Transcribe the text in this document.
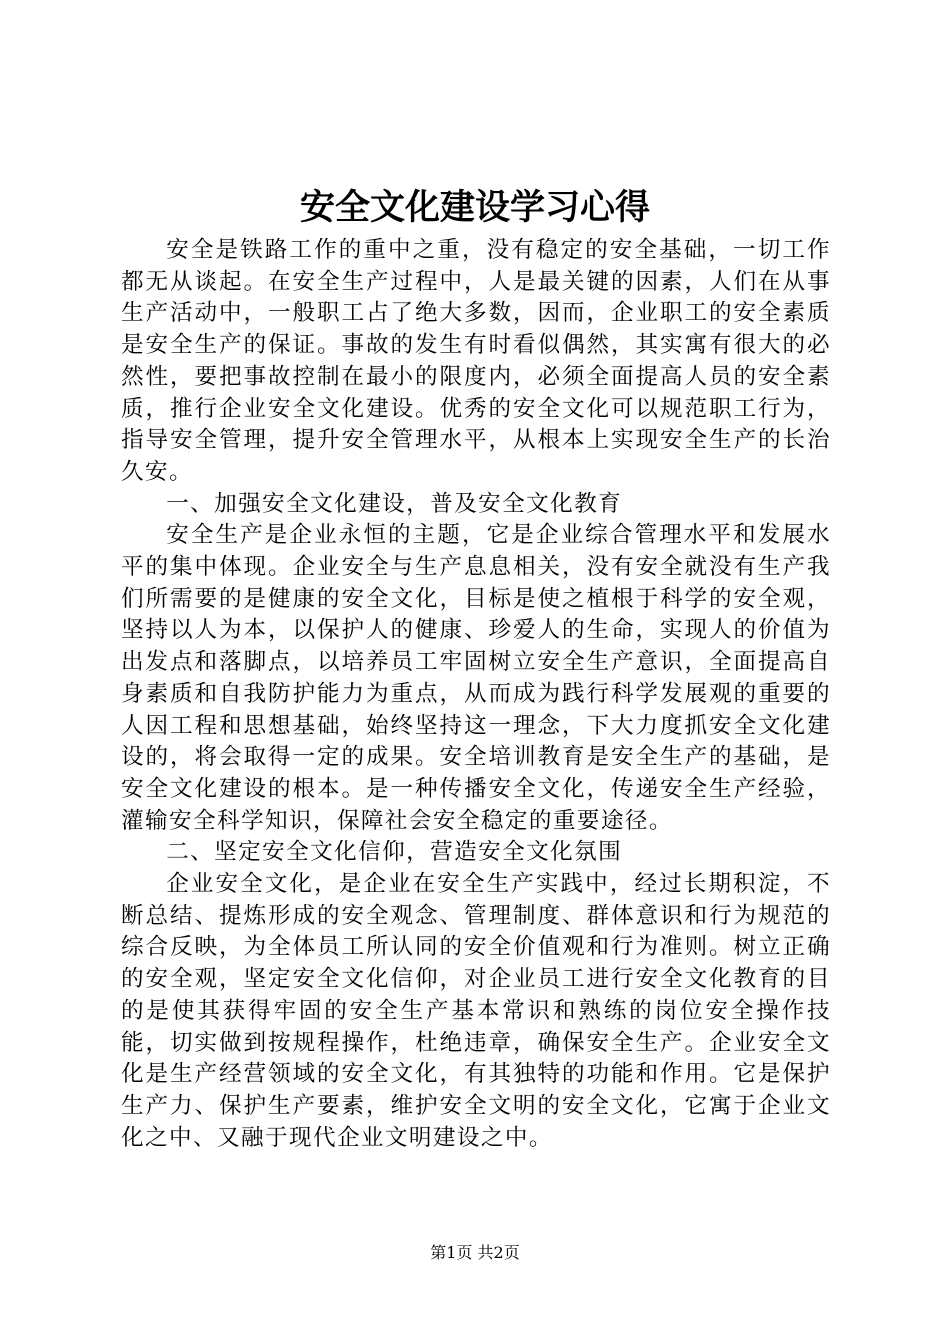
安全文化建设学习心得

安全是铁路工作的重中之重，没有稳定的安全基础，一切工作都无从谈起。在安全生产过程中，人是最关键的因素，人们在从事生产活动中，一般职工占了绝大多数，因而，企业职工的安全素质是安全生产的保证。事故的发生有时看似偶然，其实寓有很大的必然性，要把事故控制在最小的限度内，必须全面提高人员的安全素质，推行企业安全文化建设。优秀的安全文化可以规范职工行为，指导安全管理，提升安全管理水平，从根本上实现安全生产的长治久安。

一、加强安全文化建设，普及安全文化教育

安全生产是企业永恒的主题，它是企业综合管理水平和发展水平的集中体现。企业安全与生产息息相关，没有安全就没有生产我们所需要的是健康的安全文化，目标是使之植根于科学的安全观，坚持以人为本，以保护人的健康、珍爱人的生命，实现人的价值为出发点和落脚点，以培养员工牢固树立安全生产意识，全面提高自身素质和自我防护能力为重点，从而成为践行科学发展观的重要的人因工程和思想基础，始终坚持这一理念，下大力度抓安全文化建设的，将会取得一定的成果。安全培训教育是安全生产的基础，是安全文化建设的根本。是一种传播安全文化，传递安全生产经验，灌输安全科学知识，保障社会安全稳定的重要途径。

二、坚定安全文化信仰，营造安全文化氛围

企业安全文化，是企业在安全生产实践中，经过长期积淀，不断总结、提炼形成的安全观念、管理制度、群体意识和行为规范的综合反映，为全体员工所认同的安全价值观和行为准则。树立正确的安全观，坚定安全文化信仰，对企业员工进行安全文化教育的目的是使其获得牢固的安全生产基本常识和熟练的岗位安全操作技能，切实做到按规程操作，杜绝违章，确保安全生产。企业安全文化是生产经营领域的安全文化，有其独特的功能和作用。它是保护生产力、保护生产要素，维护安全文明的安全文化，它寓于企业文化之中、又融于现代企业文明建设之中。

第1页 共2页
